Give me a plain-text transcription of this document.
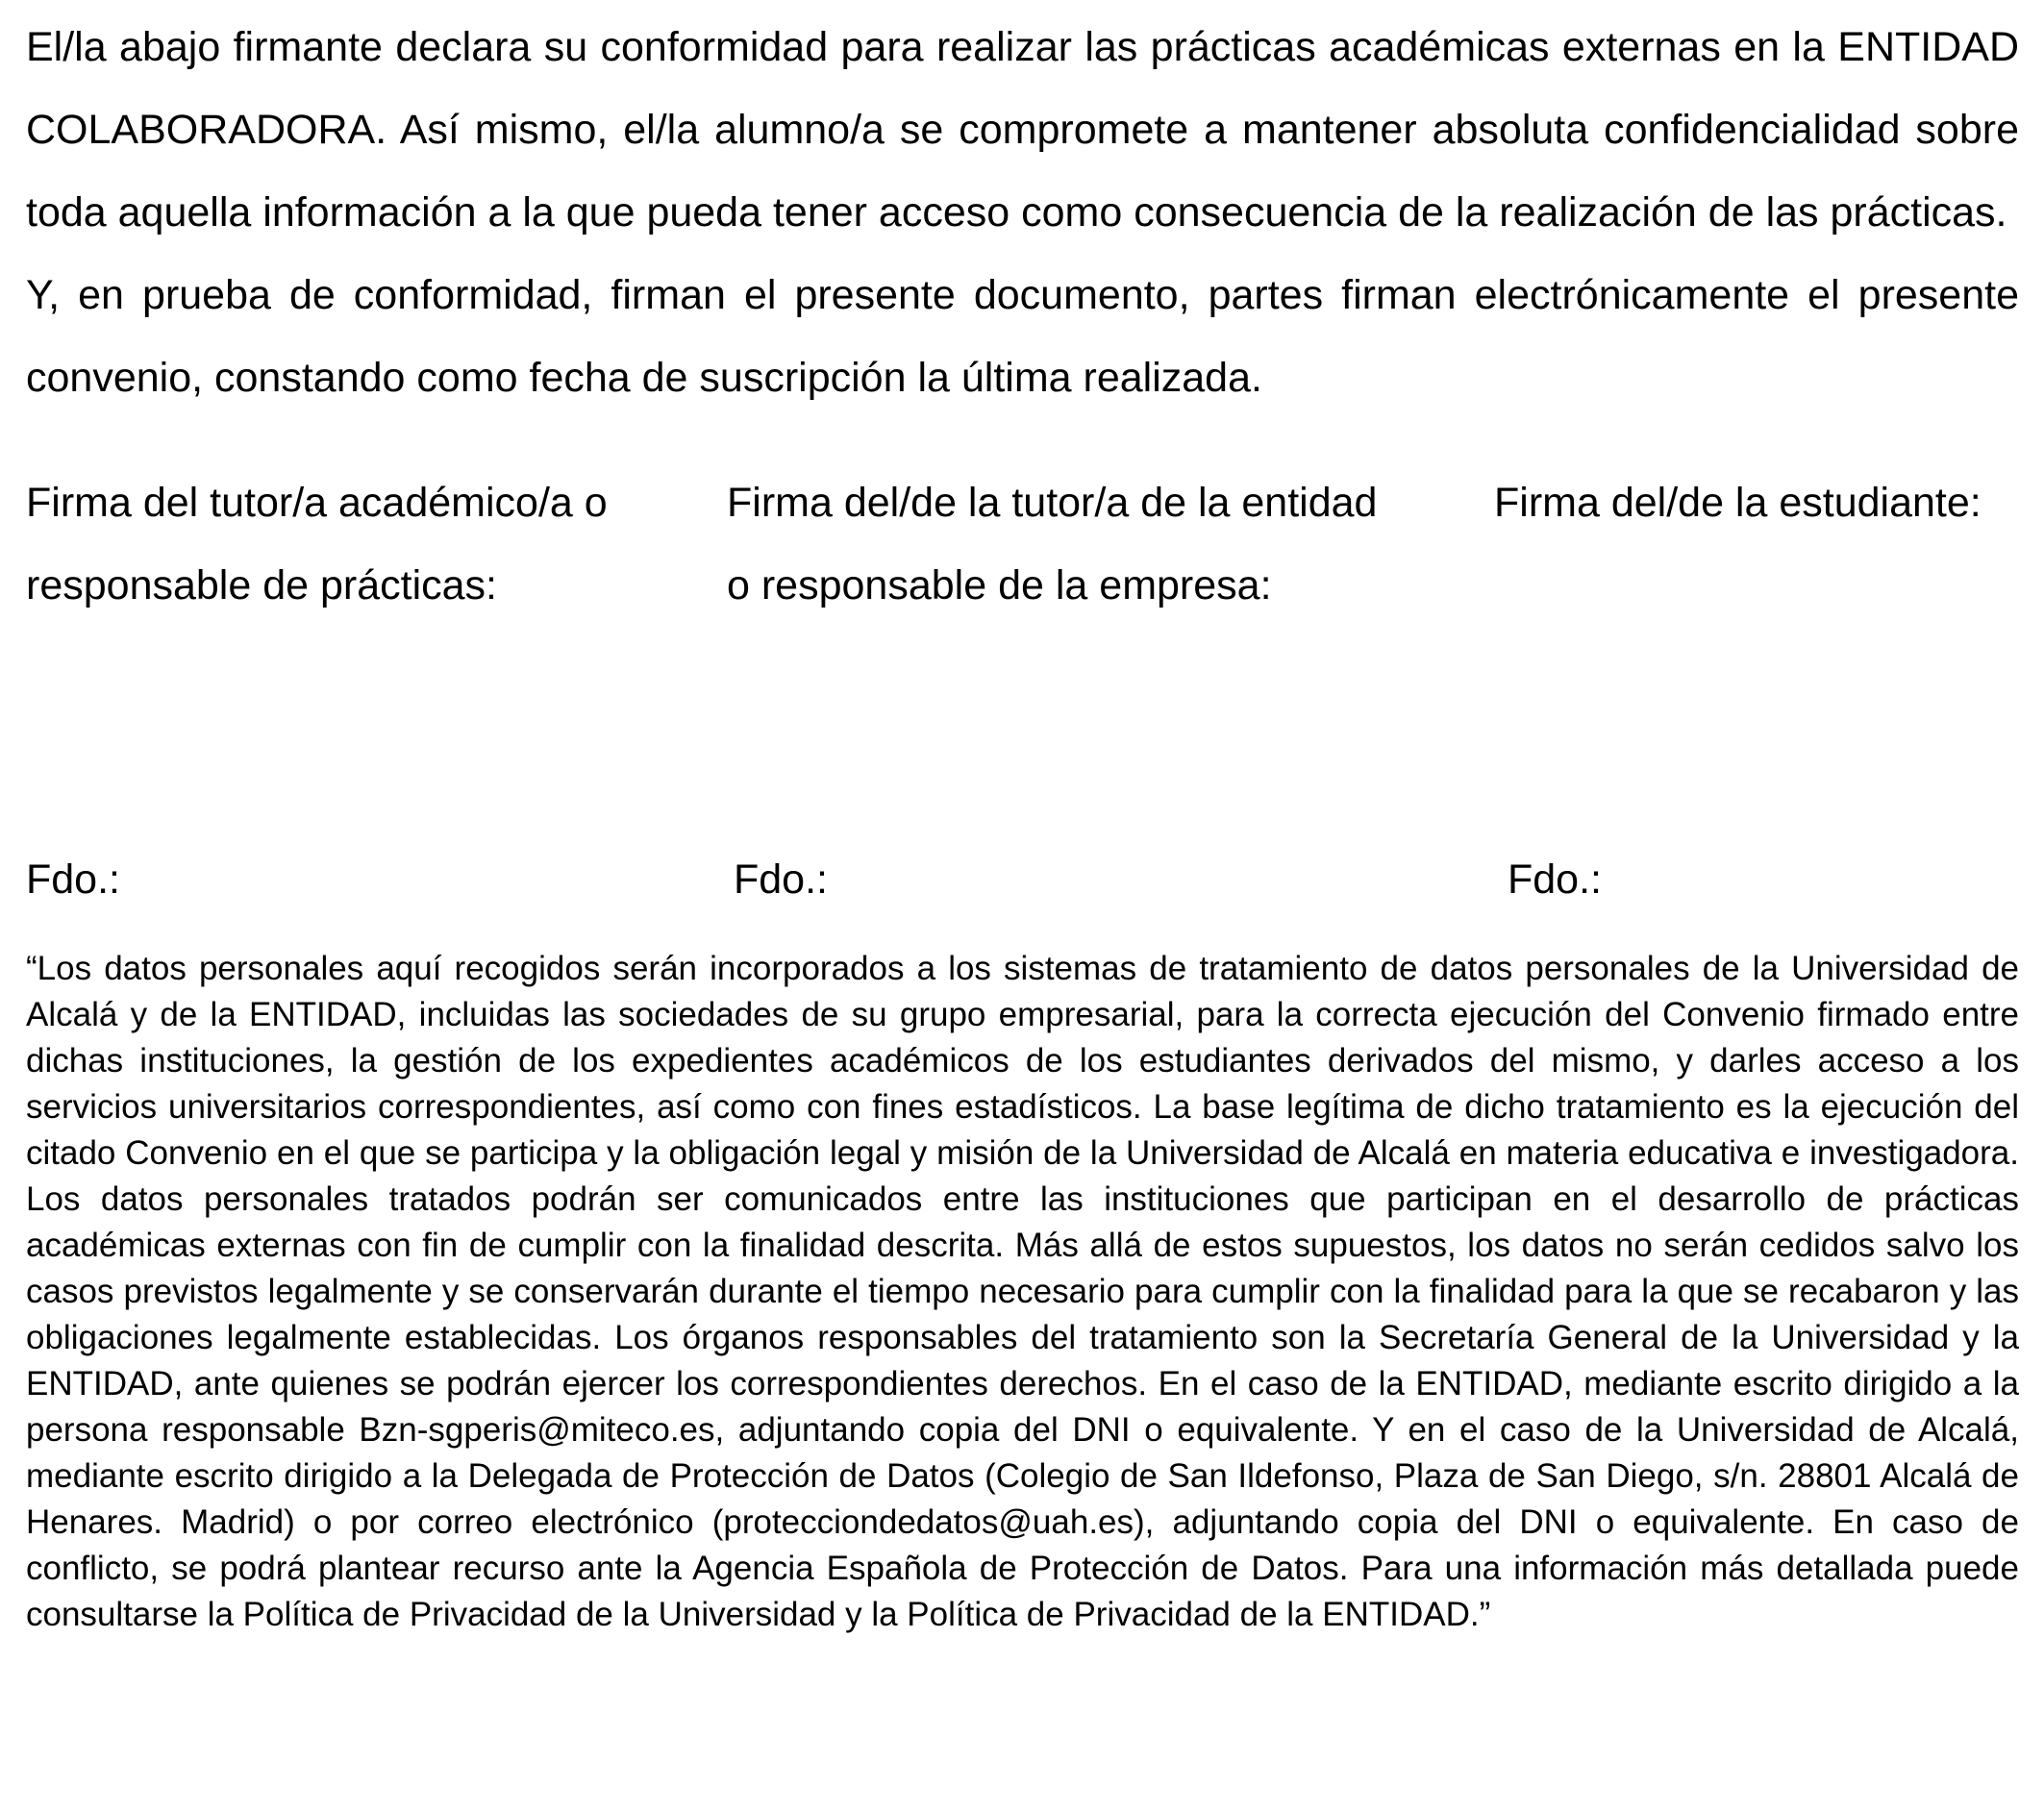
El/la abajo firmante declara su conformidad para realizar las prácticas académicas externas en la ENTIDAD COLABORADORA. Así mismo, el/la alumno/a se compromete a mantener absoluta confidencialidad sobre toda aquella información a la que pueda tener acceso como consecuencia de la realización de las prácticas.

Y, en prueba de conformidad, firman el presente documento, partes firman electrónicamente el presente convenio, constando como fecha de suscripción la última realizada.

Firma del tutor/a académico/a o
responsable de prácticas:
Firma del/de la tutor/a de la entidad
o responsable de la empresa:
Firma del/de la estudiante:
Fdo.:	Fdo.:	Fdo.:

“Los datos personales aquí recogidos serán incorporados a los sistemas de tratamiento de datos personales de la Universidad de Alcalá y de la ENTIDAD, incluidas las sociedades de su grupo empresarial, para la correcta ejecución del Convenio firmado entre dichas instituciones, la gestión de los expedientes académicos de los estudiantes derivados del mismo, y darles acceso a los servicios universitarios correspondientes, así como con fines estadísticos. La base legítima de dicho tratamiento es la ejecución del citado Convenio en el que se participa y la obligación legal y misión de la Universidad de Alcalá en materia educativa e investigadora. Los datos personales tratados podrán ser comunicados entre las instituciones que participan en el desarrollo de prácticas académicas externas con fin de cumplir con la finalidad descrita. Más allá de estos supuestos, los datos no serán cedidos salvo los casos previstos legalmente y se conservarán durante el tiempo necesario para cumplir con la finalidad para la que se recabaron y las obligaciones legalmente establecidas. Los órganos responsables del tratamiento son la Secretaría General de la Universidad y la ENTIDAD, ante quienes se podrán ejercer los correspondientes derechos. En el caso de la ENTIDAD, mediante escrito dirigido a la persona responsable Bzn-sgperis@miteco.es, adjuntando copia del DNI o equivalente. Y en el caso de la Universidad de Alcalá, mediante escrito dirigido a la Delegada de Protección de Datos (Colegio de San Ildefonso, Plaza de San Diego, s/n. 28801 Alcalá de Henares. Madrid) o por correo electrónico (protecciondedatos@uah.es), adjuntando copia del DNI o equivalente. En caso de conflicto, se podrá plantear recurso ante la Agencia Española de Protección de Datos. Para una información más detallada puede consultarse la Política de Privacidad de la Universidad y la Política de Privacidad de la ENTIDAD.”
